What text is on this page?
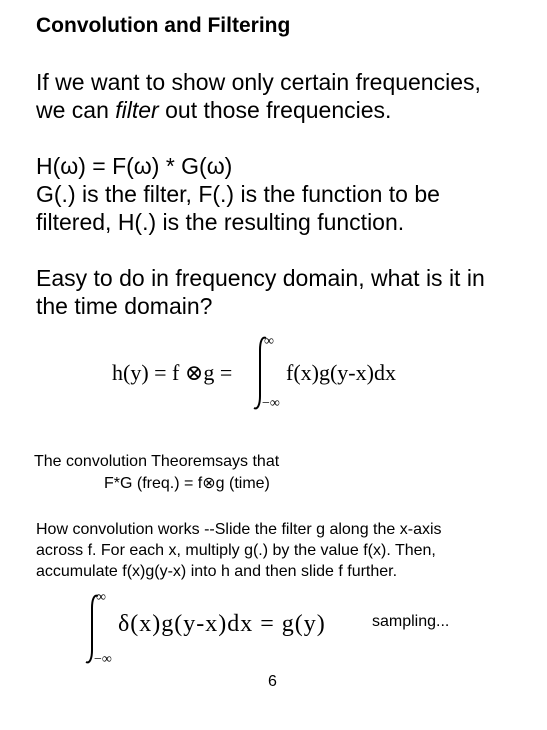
Convolution and Filtering
If we want to show only certain frequencies,
we can filter out those frequencies.
H(ω) = F(ω) * G(ω)
G(.) is the filter, F(.) is the function to be
filtered, H(.) is the resulting function.
Easy to do in frequency domain, what is it in
the time domain?
h(y) = f ⊗g =
∞
−∞
f(x)g(y-x)dx
The convolution Theoremsays that
F*G (freq.) = f⊗g (time)
How convolution works --Slide the filter g along the x-axis
across f. For each x, multiply g(.) by the value f(x). Then,
accumulate f(x)g(y-x) into h and then slide f further.
∞
−∞
δ(x)g(y-x)dx = g(y)	sampling...
6
